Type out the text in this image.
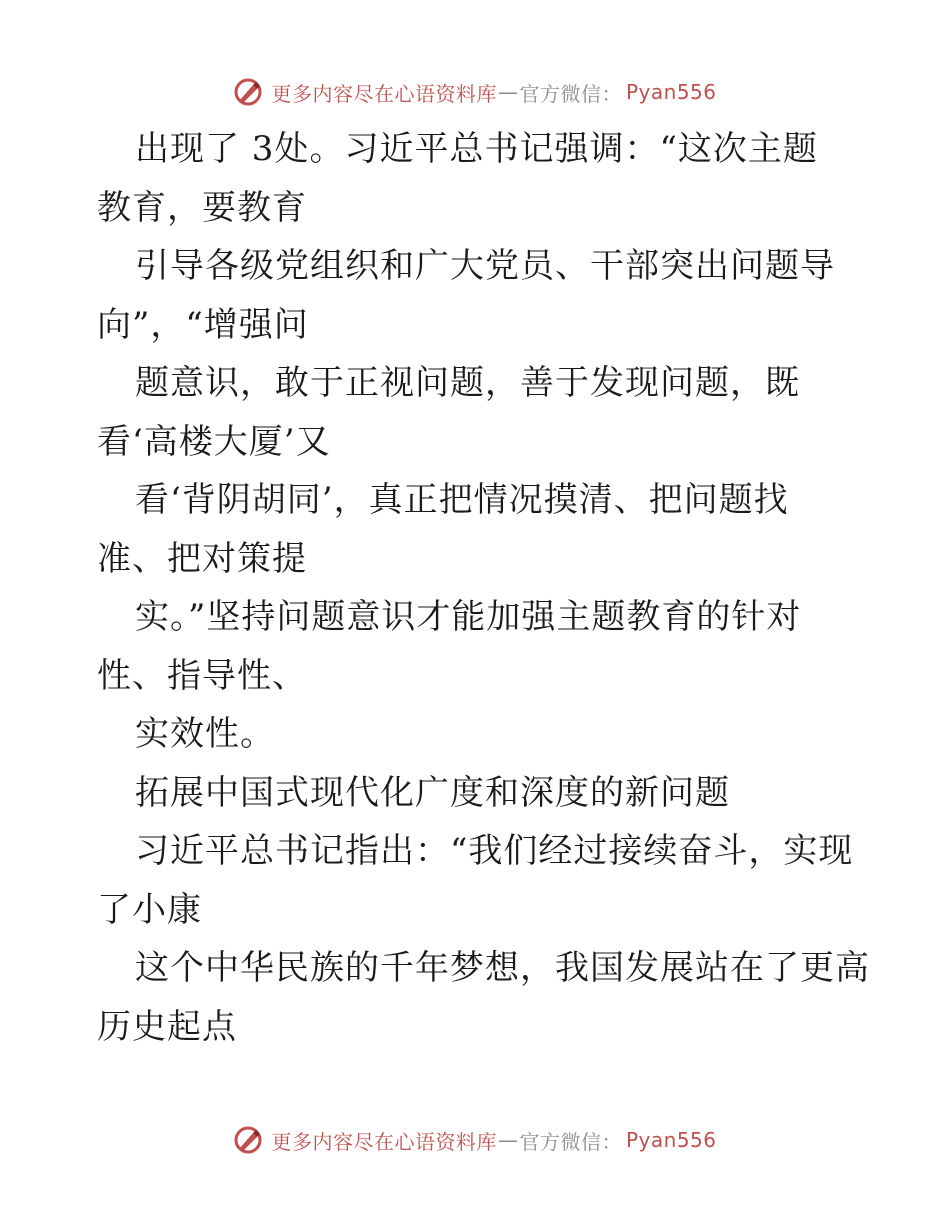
更多内容尽在心语资料库 — 官方微信： Pyan556
出现了 3处。习近平总书记强调：“这次主题
教育，要教育
引导各级党组织和广大党员、干部突出问题导
向”，“增强问
题意识，敢于正视问题，善于发现问题，既
看‘高楼大厦’又
看‘背阴胡同’，真正把情况摸清、把问题找
准、把对策提
实。”坚持问题意识才能加强主题教育的针对
性、指导性、
实效性。
拓展中国式现代化广度和深度的新问题
习近平总书记指出：“我们经过接续奋斗，实现
了小康
这个中华民族的千年梦想，我国发展站在了更高
历史起点
更多内容尽在心语资料库 — 官方微信： Pyan556
